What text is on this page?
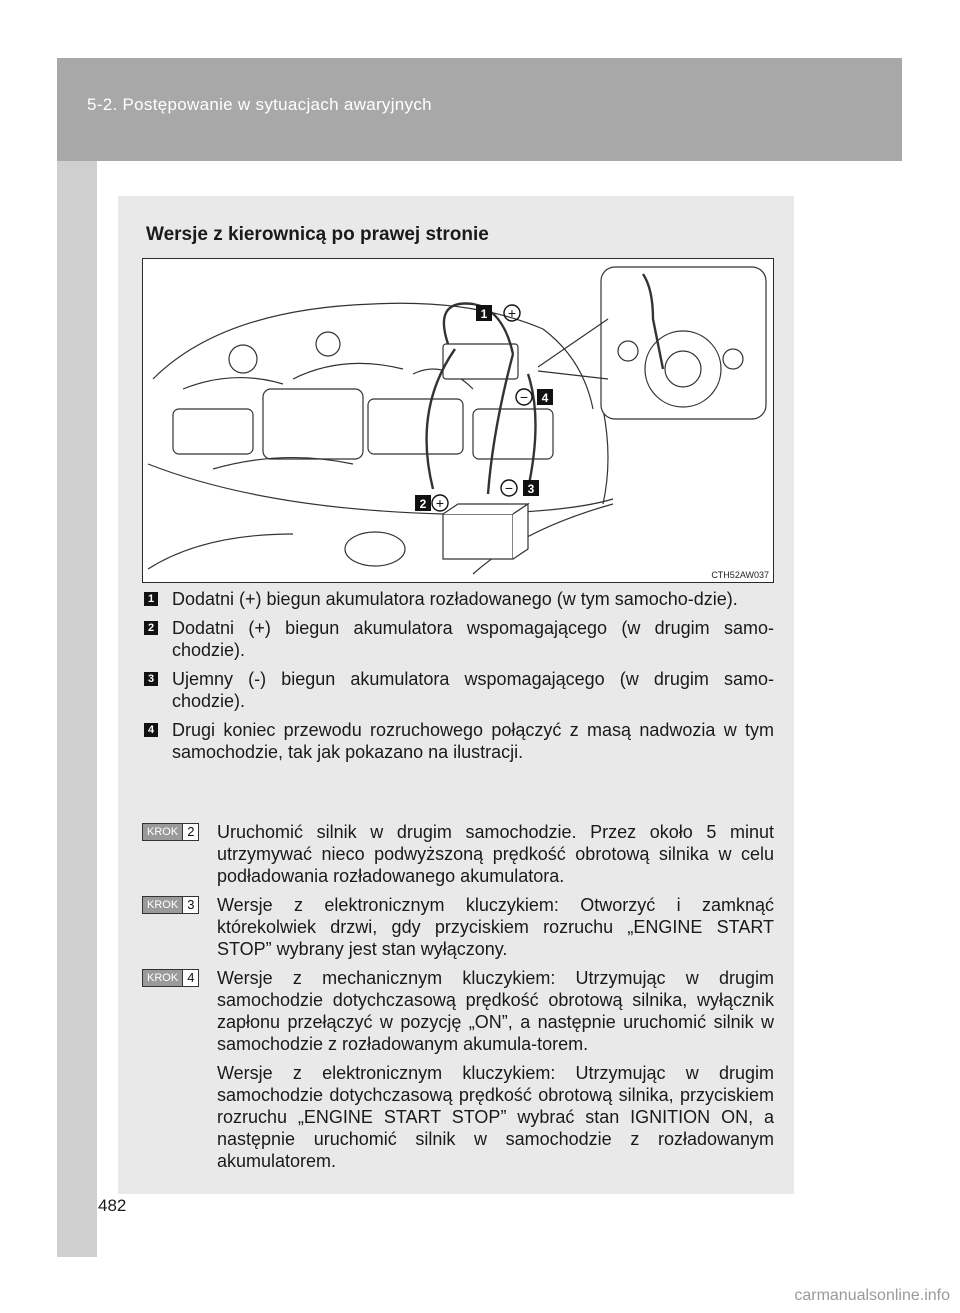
5-2. Postępowanie w sytuacjach awaryjnych
Wersje z kierownicą po prawej stronie
1 +
− 4
− 3
2 +
CTH52AW037
1 Dodatni (+) biegun akumulatora rozładowanego (w tym samocho-dzie).
2 Dodatni (+) biegun akumulatora wspomagającego (w drugim samo-chodzie).
3 Ujemny (-) biegun akumulatora wspomagającego (w drugim samo-chodzie).
4 Drugi koniec przewodu rozruchowego połączyć z masą nadwozia w tym samochodzie, tak jak pokazano na ilustracji.
KROK 2 Uruchomić silnik w drugim samochodzie. Przez około 5 minut utrzymywać nieco podwyższoną prędkość obrotową silnika w celu podładowania rozładowanego akumulatora.

KROK 3 Wersje z elektronicznym kluczykiem: Otworzyć i zamknąć którekolwiek drzwi, gdy przyciskiem rozruchu „ENGINE START STOP” wybrany jest stan wyłączony.

KROK 4 Wersje z mechanicznym kluczykiem: Utrzymując w drugim samochodzie dotychczasową prędkość obrotową silnika, wyłącznik zapłonu przełączyć w pozycję „ON”, a następnie uruchomić silnik w samochodzie z rozładowanym akumula-torem.

Wersje z elektronicznym kluczykiem: Utrzymując w drugim samochodzie dotychczasową prędkość obrotową silnika, przyciskiem rozruchu „ENGINE START STOP” wybrać stan IGNITION ON, a następnie uruchomić silnik w samochodzie z rozładowanym akumulatorem.

482
carmanualsonline.info
